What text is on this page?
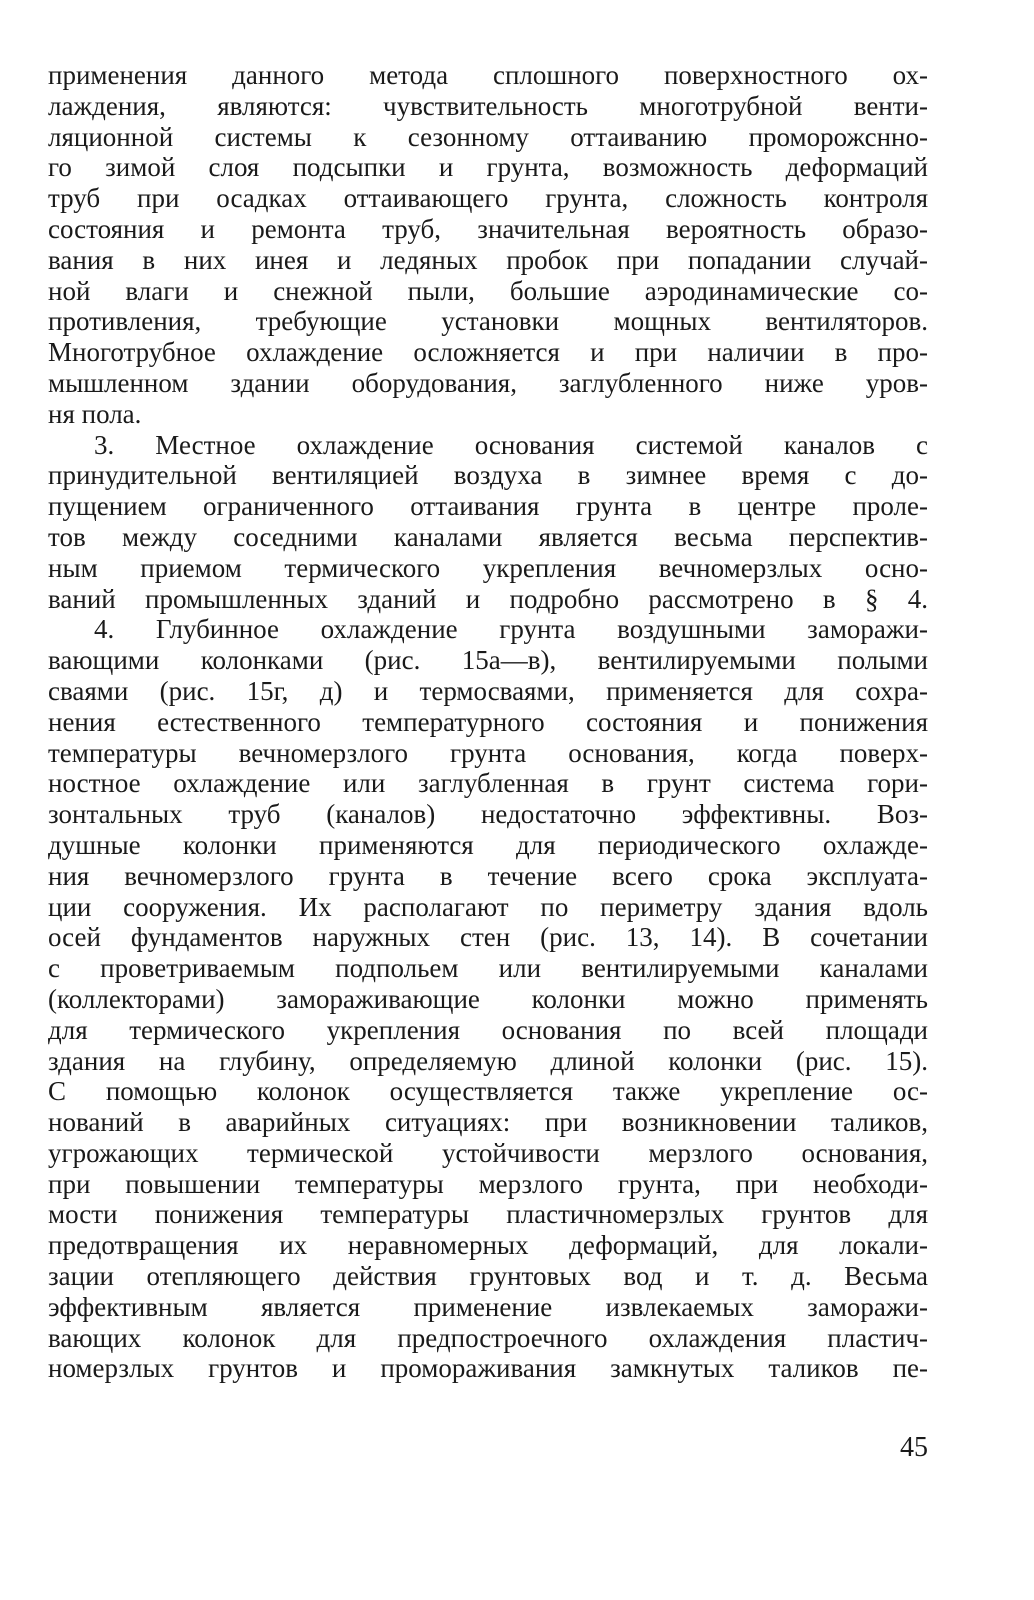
применения данного метода сплошного поверхностного ох-
лаждения, являются: чувствительность многотрубной венти-
ляционной системы к сезонному оттаиванию проморожснно-
го зимой слоя подсыпки и грунта, возможность деформаций
труб при осадках оттаивающего грунта, сложность контроля
состояния и ремонта труб, значительная вероятность образо-
вания в них инея и ледяных пробок при попадании случай-
ной влаги и снежной пыли, большие аэродинамические со-
противления, требующие установки мощных вентиляторов.
Многотрубное охлаждение осложняется и при наличии в про-
мышленном здании оборудования, заглубленного ниже уров-
ня пола.
3. Местное охлаждение основания системой каналов с
принудительной вентиляцией воздуха в зимнее время с до-
пущением ограниченного оттаивания грунта в центре проле-
тов между соседними каналами является весьма перспектив-
ным приемом термического укрепления вечномерзлых осно-
ваний промышленных зданий и подробно рассмотрено в § 4.
4. Глубинное охлаждение грунта воздушными заморажи-
вающими колонками (рис. 15а—в), вентилируемыми полыми
сваями (рис. 15г, д) и термосваями, применяется для сохра-
нения естественного температурного состояния и понижения
температуры вечномерзлого грунта основания, когда поверх-
ностное охлаждение или заглубленная в грунт система гори-
зонтальных труб (каналов) недостаточно эффективны. Воз-
душные колонки применяются для периодического охлажде-
ния вечномерзлого грунта в течение всего срока эксплуата-
ции сооружения. Их располагают по периметру здания вдоль
осей фундаментов наружных стен (рис. 13, 14). В сочетании
с проветриваемым подпольем или вентилируемыми каналами
(коллекторами) замораживающие колонки можно применять
для термического укрепления основания по всей площади
здания на глубину, определяемую длиной колонки (рис. 15).
С помощью колонок осуществляется также укрепление ос-
нований в аварийных ситуациях: при возникновении таликов,
угрожающих термической устойчивости мерзлого основания,
при повышении температуры мерзлого грунта, при необходи-
мости понижения температуры пластичномерзлых грунтов для
предотвращения их неравномерных деформаций, для локали-
зации отепляющего действия грунтовых вод и т. д. Весьма
эффективным является применение извлекаемых заморажи-
вающих колонок для предпостроечного охлаждения пластич-
номерзлых грунтов и промораживания замкнутых таликов пе-
45
